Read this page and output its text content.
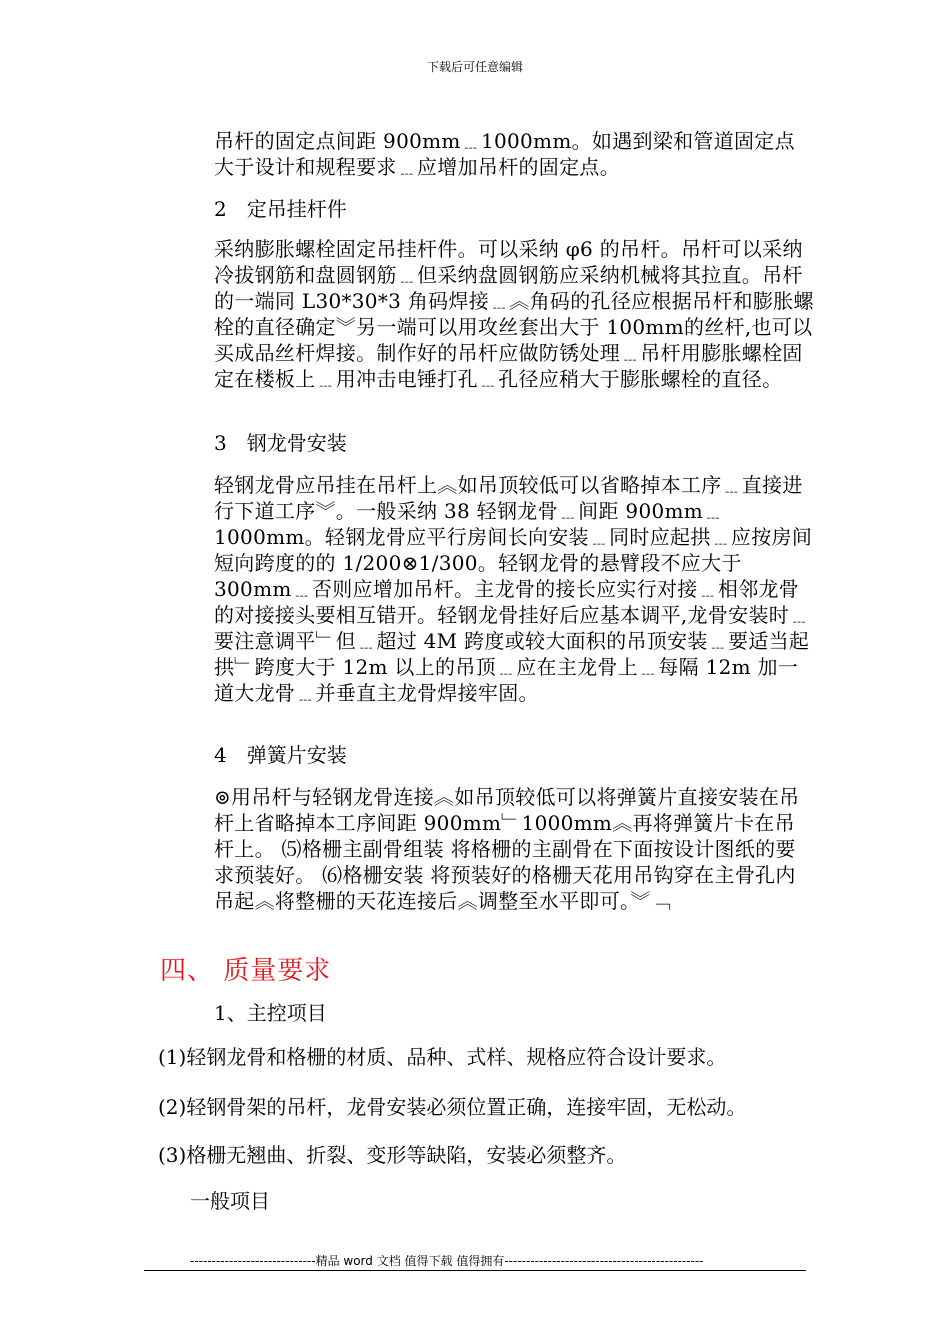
下载后可任意编辑
吊杆的固定点间距 900mm﹍1000mm。如遇到梁和管道固定点大于设计和规程要求﹍应增加吊杆的固定点。
2　定吊挂杆件
采纳膨胀螺栓固定吊挂杆件。可以采纳 φ6 的吊杆。吊杆可以采纳冷拔钢筋和盘圆钢筋﹍但采纳盘圆钢筋应采纳机械将其拉直。吊杆的一端同 L30*30*3 角码焊接﹍︽角码的孔径应根据吊杆和膨胀螺栓的直径确定︾另一端可以用攻丝套出大于 100mm的丝杆,也可以买成品丝杆焊接。制作好的吊杆应做防锈处理﹍吊杆用膨胀螺栓固定在楼板上﹍用冲击电锤打孔﹍孔径应稍大于膨胀螺栓的直径。
3　钢龙骨安装
轻钢龙骨应吊挂在吊杆上︽如吊顶较低可以省略掉本工序﹍直接进行下道工序︾。一般采纳 38 轻钢龙骨﹍间距 900mm﹍1000mm。轻钢龙骨应平行房间长向安装﹍同时应起拱﹍应按房间短向跨度的的 1/200⊗1/300。轻钢龙骨的悬臂段不应大于 300mm﹍否则应增加吊杆。主龙骨的接长应实行对接﹍相邻龙骨的对接接头要相互错开。轻钢龙骨挂好后应基本调平,龙骨安装时﹍要注意调平﹂但﹍超过 4M 跨度或较大面积的吊顶安装﹍要适当起拱﹂跨度大于 12m 以上的吊顶﹍应在主龙骨上﹍每隔 12m 加一道大龙骨﹍并垂直主龙骨焊接牢固。
4　弹簧片安装
⊚用吊杆与轻钢龙骨连接︽如吊顶较低可以将弹簧片直接安装在吊杆上省略掉本工序间距 900mm﹂1000mm︽再将弹簧片卡在吊杆上。 ⑸格栅主副骨组装 将格栅的主副骨在下面按设计图纸的要求预装好。 ⑹格栅安装 将预装好的格栅天花用吊钩穿在主骨孔内吊起︽将整栅的天花连接后︽调整至水平即可。︾﹁
四、 质量要求
1、主控项目
(1)轻钢龙骨和格栅的材质、品种、式样、规格应符合设计要求。
(2)轻钢骨架的吊杆，龙骨安装必须位置正确，连接牢固，无松动。
(3)格栅无翘曲、折裂、变形等缺陷，安装必须整齐。
一般项目
-----------------------------精品 word 文档 值得下载 值得拥有----------------------------------------------
